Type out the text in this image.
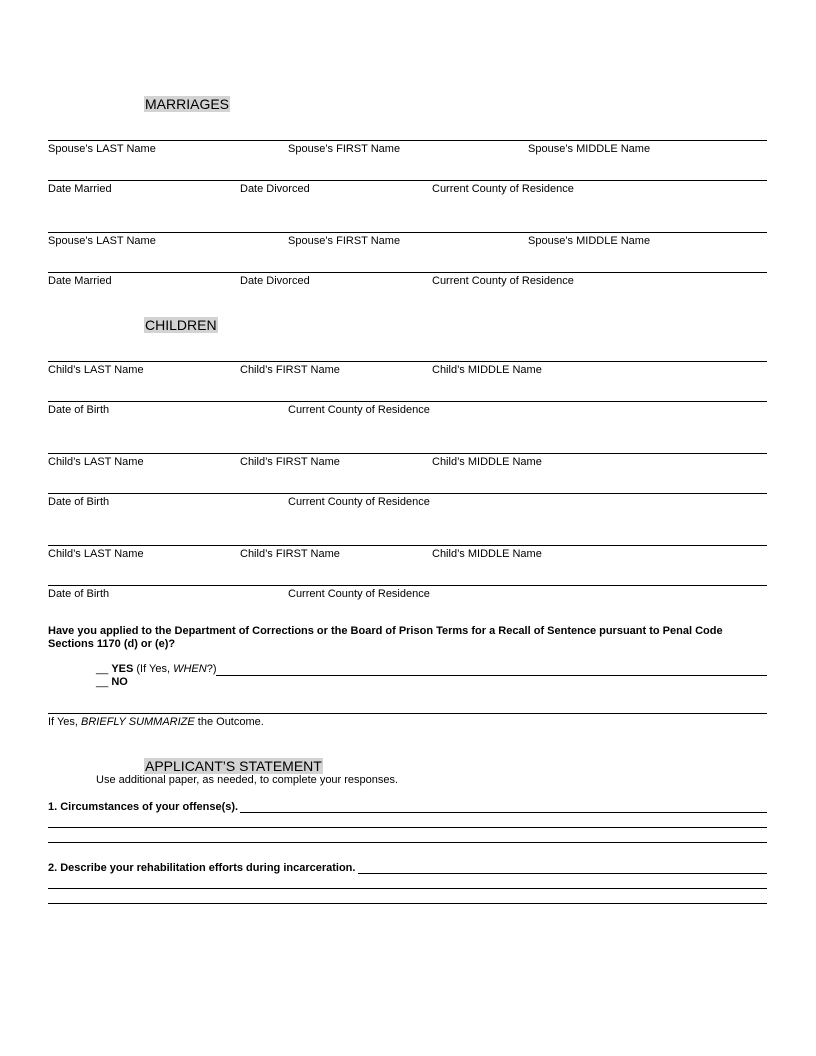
MARRIAGES
Spouse’s LAST Name	Spouse’s FIRST Name	Spouse’s MIDDLE Name
Date Married	Date Divorced	Current County of Residence
Spouse’s LAST Name	Spouse’s FIRST Name	Spouse’s MIDDLE Name
Date Married	Date Divorced	Current County of Residence
CHILDREN
Child’s LAST Name	Child’s FIRST Name	Child’s MIDDLE Name
Date of Birth	Current County of Residence
Child’s LAST Name	Child’s FIRST Name	Child’s MIDDLE Name
Date of Birth	Current County of Residence
Child’s LAST Name	Child’s FIRST Name	Child’s MIDDLE Name
Date of Birth	Current County of Residence
Have you applied to the Department of Corrections or the Board of Prison Terms for a Recall of Sentence pursuant to Penal Code Sections 1170 (d) or (e)?
__ YES (If Yes, WHEN?)
__ NO
If Yes, BRIEFLY SUMMARIZE the Outcome.
APPLICANT’S STATEMENT
Use additional paper, as needed, to complete your responses.
1. Circumstances of your offense(s).
2. Describe your rehabilitation efforts during incarceration.
